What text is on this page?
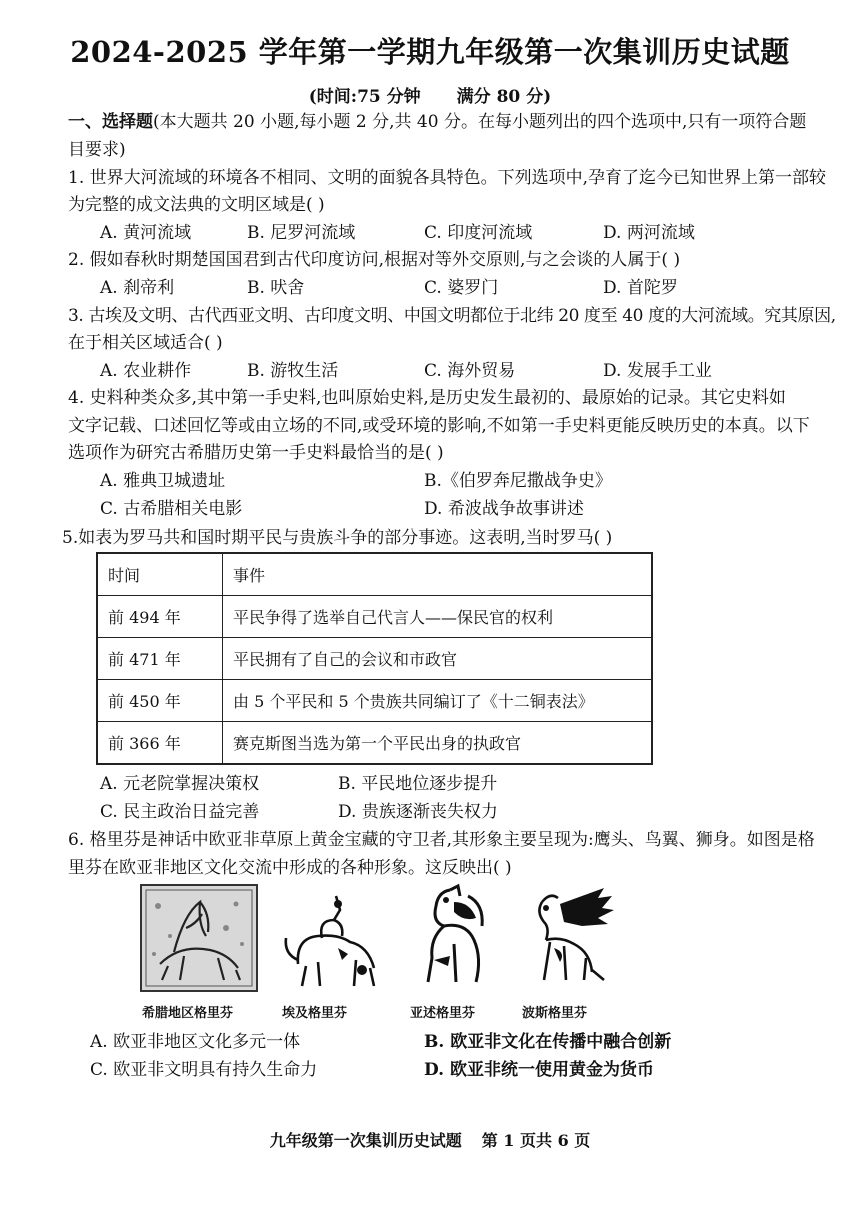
2024-2025 学年第一学期九年级第一次集训历史试题
(时间:75 分钟 满分 80 分)
一、选择题(本大题共 20 小题,每小题 2 分,共 40 分。在每小题列出的四个选项中,只有一项符合题
目要求)
1. 世界大河流域的环境各不相同、文明的面貌各具特色。下列选项中,孕育了迄今已知世界上第一部较
为完整的成文法典的文明区域是( )
A. 黄河流域	B. 尼罗河流域	C. 印度河流域	D. 两河流域
2. 假如春秋时期楚国国君到古代印度访问,根据对等外交原则,与之会谈的人属于( )
A. 刹帝利	B. 吠舍	C. 婆罗门	D. 首陀罗
3. 古埃及文明、古代西亚文明、古印度文明、中国文明都位于北纬 20 度至 40 度的大河流域。究其原因,
在于相关区域适合( )
A. 农业耕作	B. 游牧生活	C. 海外贸易	D. 发展手工业
4. 史料种类众多,其中第一手史料,也叫原始史料,是历史发生最初的、最原始的记录。其它史料如
文字记载、口述回忆等或由立场的不同,或受环境的影响,不如第一手史料更能反映历史的本真。以下
选项作为研究古希腊历史第一手史料最恰当的是( )
A. 雅典卫城遗址	B.《伯罗奔尼撒战争史》
C. 古希腊相关电影	D. 希波战争故事讲述
5.如表为罗马共和国时期平民与贵族斗争的部分事迹。这表明,当时罗马( )
时间	事件
前 494 年	平民争得了选举自己代言人——保民官的权利
前 471 年	平民拥有了自己的会议和市政官
前 450 年	由 5 个平民和 5 个贵族共同编订了《十二铜表法》
前 366 年	赛克斯图当选为第一个平民出身的执政官
A. 元老院掌握决策权	B. 平民地位逐步提升
C. 民主政治日益完善	D. 贵族逐渐丧失权力
6. 格里芬是神话中欧亚非草原上黄金宝藏的守卫者,其形象主要呈现为:鹰头、鸟翼、狮身。如图是格
里芬在欧亚非地区文化交流中形成的各种形象。这反映出( )
希腊地区格里芬	埃及格里芬	亚述格里芬	波斯格里芬
A. 欧亚非地区文化多元一体	B. 欧亚非文化在传播中融合创新
C. 欧亚非文明具有持久生命力	D. 欧亚非统一使用黄金为货币
九年级第一次集训历史试题 第 1 页共 6 页
